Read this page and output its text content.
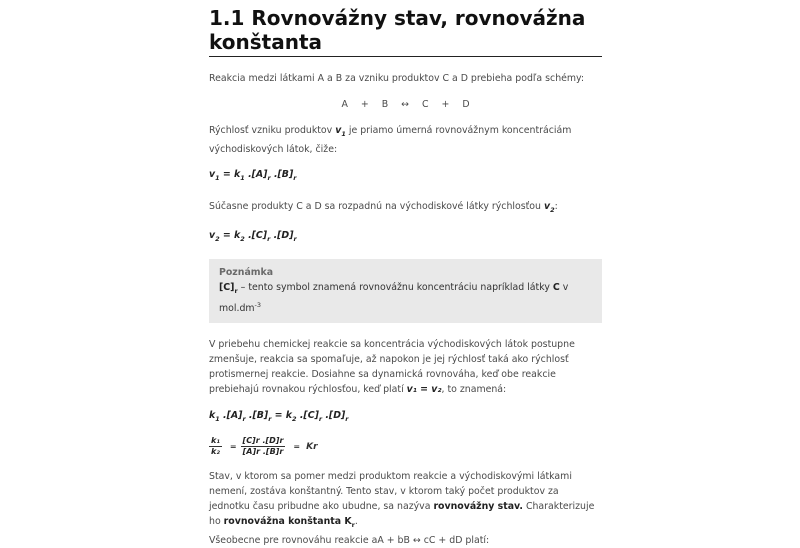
1.1 Rovnovážny stav, rovnovážna
konštanta

Reakcia medzi látkami A a B za vzniku produktov C a D prebieha podľa schémy:

A + B ↔ C + D

Rýchlosť vzniku produktov $v_1$ je priamo úmerná rovnovážnym koncentráciám východiskových látok, čiže:

$v_1 = k_1$ $.[A]_r$ $.[B]_r$

Súčasne produkty C a D sa rozpadnú na východiskové látky rýchlosťou $v_2$:

$v_2 = k_2$ $.[C]_r$ $.[D]_r$

Poznámka
$[C]_r$ – tento symbol znamená rovnovážnu koncentráciu napríklad látky C v $mol.dm^{-3}$

V priebehu chemickej reakcie sa koncentrácia východiskových látok postupne zmenšuje, reakcia sa spomaľuje, až napokon je jej rýchlosť taká ako rýchlosť protismernej reakcie. Dosiahne sa dynamická rovnováha, keď obe reakcie prebiehajú rovnakou rýchlosťou, keď platí v₁ = v₂, to znamená:

$k_1$ $.[A]_r$ $.[B]_r = k_2$ $.[C]_r$ $.[D]_r$

$\frac{\text{k₁}}{\text{k₂}} = \frac{[C]r .[D]r}{[A]r .[B]r} = Kr$

Stav, v ktorom sa pomer medzi produktom reakcie a východiskovými látkami nemení, zostáva konštantný. Tento stav, v ktorom taký počet produktov za jednotku času pribudne ako ubudne, sa nazýva rovnovážny stav. Charakterizuje ho rovnovážna konštanta $K_r$.
Všeobecne pre rovnováhu reakcie aA + bB ↔ cC + dD platí:
